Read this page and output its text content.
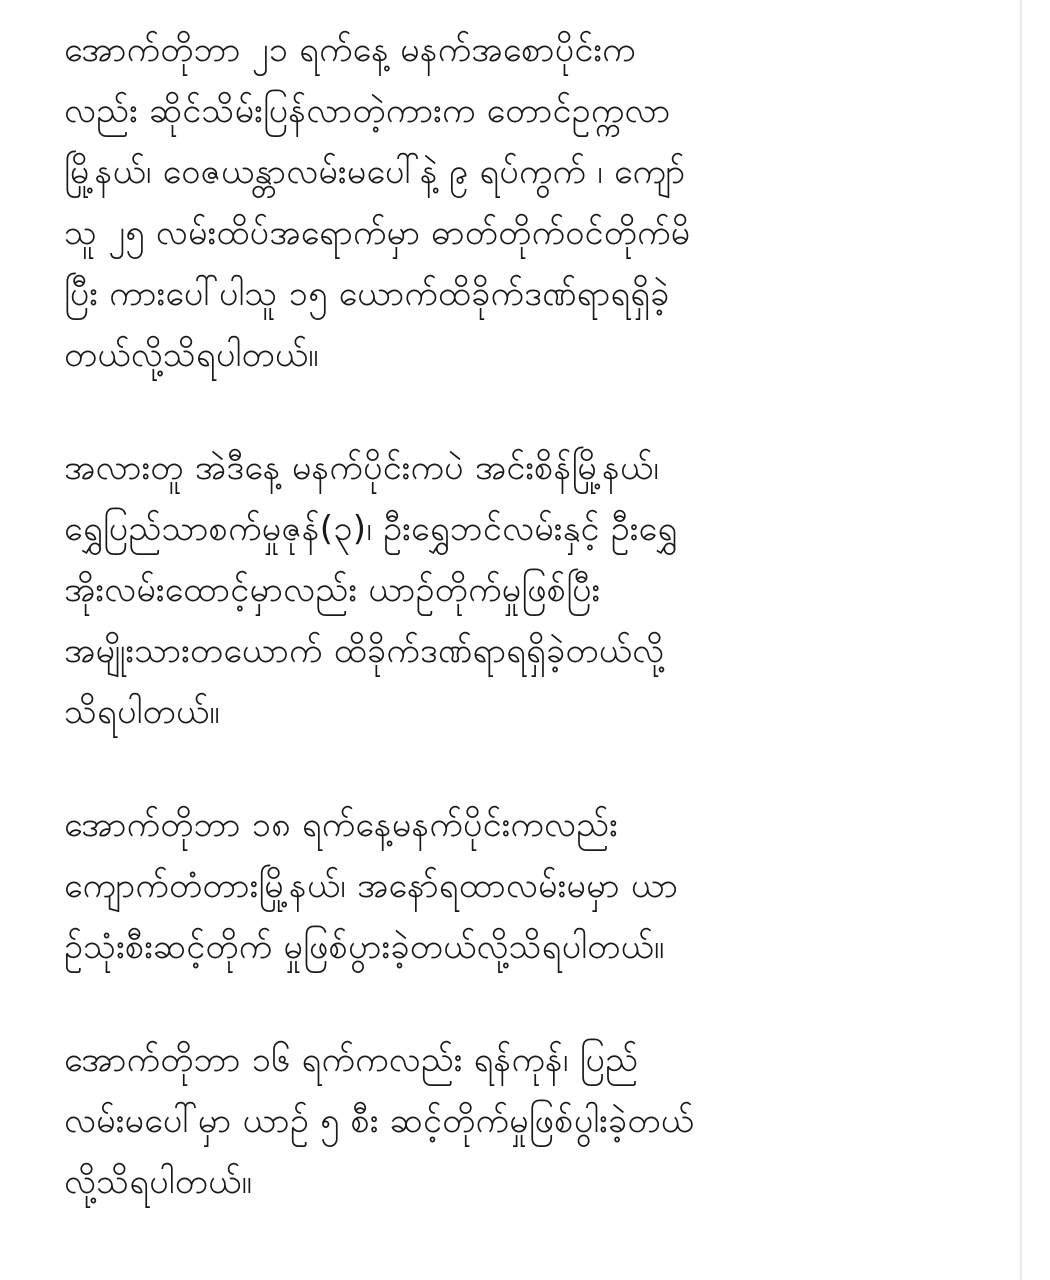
အောက်တိုဘာ ၂၁ ရက်နေ့ မနက်အစောပိုင်းက
လည်း ဆိုင်သိမ်းပြန်လာတဲ့ကားက တောင်ဥက္ကလာ
မြို့နယ်၊ ဝေဇယန္တာလမ်းမပေါ်နဲ့ ၉ ရပ်ကွက် ၊ ကျော်
သူ ၂၅ လမ်းထိပ်အရောက်မှာ ဓာတ်တိုက်ဝင်တိုက်မိ
ပြီး ကားပေါ်ပါသူ ၁၅ ယောက်ထိခိုက်ဒဏ်ရာရရှိခဲ့
တယ်လို့သိရပါတယ်။
အလားတူ အဲဒီနေ့ မနက်ပိုင်းကပဲ အင်းစိန်မြို့နယ်၊
ရွှေပြည်သာစက်မှုဇုန်(၃)၊ ဦးရွှေဘင်လမ်းနှင့် ဦးရွှေ
အိုးလမ်းထောင့်မှာလည်း ယာဉ်တိုက်မှုဖြစ်ပြီး
အမျိုးသားတယောက် ထိခိုက်ဒဏ်ရာရရှိခဲ့တယ်လို့
သိရပါတယ်။
အောက်တိုဘာ ၁၈ ရက်နေ့မနက်ပိုင်းကလည်း
ကျောက်တံတားမြို့နယ်၊ အနော်ရထာလမ်းမမှာ ယာ
ဉ်သုံးစီးဆင့်တိုက် မှုဖြစ်ပွားခဲ့တယ်လို့သိရပါတယ်။
အောက်တိုဘာ ၁၆ ရက်ကလည်း ရန်ကုန်၊ ပြည်
လမ်းမပေါ်မှာ ယာဉ် ၅ စီး ဆင့်တိုက်မှုဖြစ်ပွါးခဲ့တယ်
လို့သိရပါတယ်။
